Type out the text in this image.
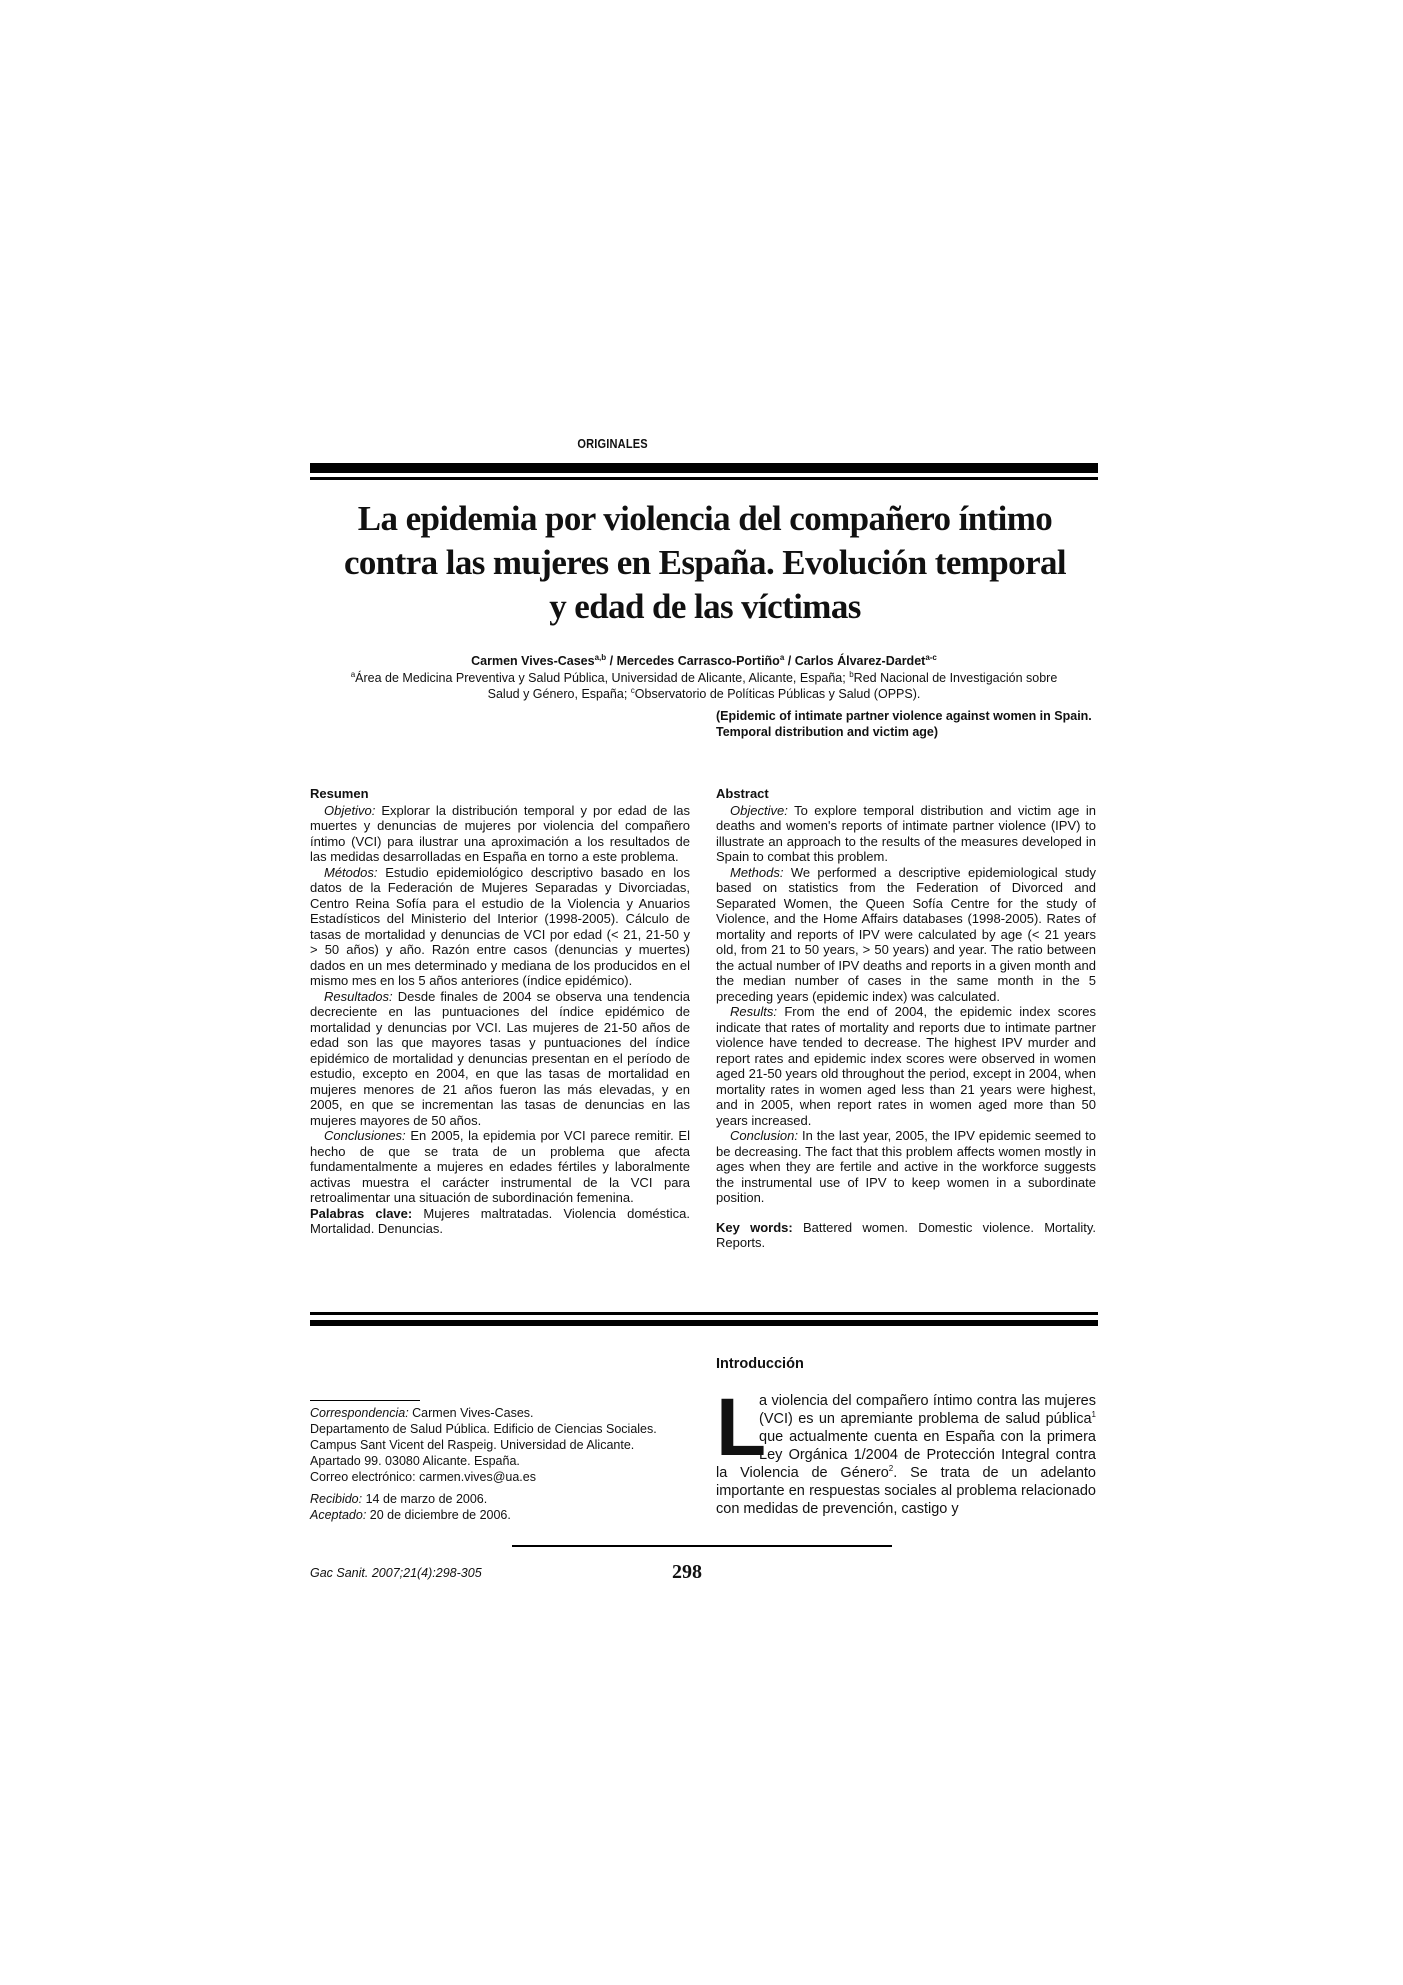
ORIGINALES
La epidemia por violencia del compañero íntimo
contra las mujeres en España. Evolución temporal
y edad de las víctimas
Carmen Vives-Cases$^{a,b}$ / Mercedes Carrasco-Portiño$^a$ / Carlos Álvarez-Dardet$^{a-c}$
$^a$Área de Medicina Preventiva y Salud Pública, Universidad de Alicante, Alicante, España; $^b$Red Nacional de Investigación sobre
Salud y Género, España; $^c$Observatorio de Políticas Públicas y Salud (OPPS).
(Epidemic of intimate partner violence against women in Spain. Temporal distribution and victim age)
Resumen

Objetivo: Explorar la distribución temporal y por edad de las muertes y denuncias de mujeres por violencia del compañero íntimo (VCI) para ilustrar una aproximación a los resultados de las medidas desarrolladas en España en torno a este problema.

Métodos: Estudio epidemiológico descriptivo basado en los datos de la Federación de Mujeres Separadas y Divorciadas, Centro Reina Sofía para el estudio de la Violencia y Anuarios Estadísticos del Ministerio del Interior (1998-2005). Cálculo de tasas de mortalidad y denuncias de VCI por edad (< 21, 21-50 y > 50 años) y año. Razón entre casos (denuncias y muertes) dados en un mes determinado y mediana de los producidos en el mismo mes en los 5 años anteriores (índice epidémico).

Resultados: Desde finales de 2004 se observa una tendencia decreciente en las puntuaciones del índice epidémico de mortalidad y denuncias por VCI. Las mujeres de 21-50 años de edad son las que mayores tasas y puntuaciones del índice epidémico de mortalidad y denuncias presentan en el período de estudio, excepto en 2004, en que las tasas de mortalidad en mujeres menores de 21 años fueron las más elevadas, y en 2005, en que se incrementan las tasas de denuncias en las mujeres mayores de 50 años.

Conclusiones: En 2005, la epidemia por VCI parece remitir. El hecho de que se trata de un problema que afecta fundamentalmente a mujeres en edades fértiles y laboralmente activas muestra el carácter instrumental de la VCI para retroalimentar una situación de subordinación femenina.

Palabras clave: Mujeres maltratadas. Violencia doméstica. Mortalidad. Denuncias.

Abstract

Objective: To explore temporal distribution and victim age in deaths and women's reports of intimate partner violence (IPV) to illustrate an approach to the results of the measures developed in Spain to combat this problem.

Methods: We performed a descriptive epidemiological study based on statistics from the Federation of Divorced and Separated Women, the Queen Sofía Centre for the study of Violence, and the Home Affairs databases (1998-2005). Rates of mortality and reports of IPV were calculated by age (< 21 years old, from 21 to 50 years, > 50 years) and year. The ratio between the actual number of IPV deaths and reports in a given month and the median number of cases in the same month in the 5 preceding years (epidemic index) was calculated.

Results: From the end of 2004, the epidemic index scores indicate that rates of mortality and reports due to intimate partner violence have tended to decrease. The highest IPV murder and report rates and epidemic index scores were observed in women aged 21-50 years old throughout the period, except in 2004, when mortality rates in women aged less than 21 years were highest, and in 2005, when report rates in women aged more than 50 years increased.

Conclusion: In the last year, 2005, the IPV epidemic seemed to be decreasing. The fact that this problem affects women mostly in ages when they are fertile and active in the workforce suggests the instrumental use of IPV to keep women in a subordinate position.

Key words: Battered women. Domestic violence. Mortality. Reports.

Introducción
L
a violencia del compañero íntimo contra las mujeres (VCI) es un apremiante problema de salud pública$^1$ que actualmente cuenta en España con la primera Ley Orgánica 1/2004 de Protección Integral contra la Violencia de Género$^2$. Se trata de un adelanto importante en respuestas sociales al problema relacionado con medidas de prevención, castigo y
Correspondencia: Carmen Vives-Cases.
Departamento de Salud Pública. Edificio de Ciencias Sociales.
Campus Sant Vicent del Raspeig. Universidad de Alicante.
Apartado 99. 03080 Alicante. España.
Correo electrónico: carmen.vives@ua.es
Recibido: 14 de marzo de 2006.
Aceptado: 20 de diciembre de 2006.
Gac Sanit. 2007;21(4):298-305	298
